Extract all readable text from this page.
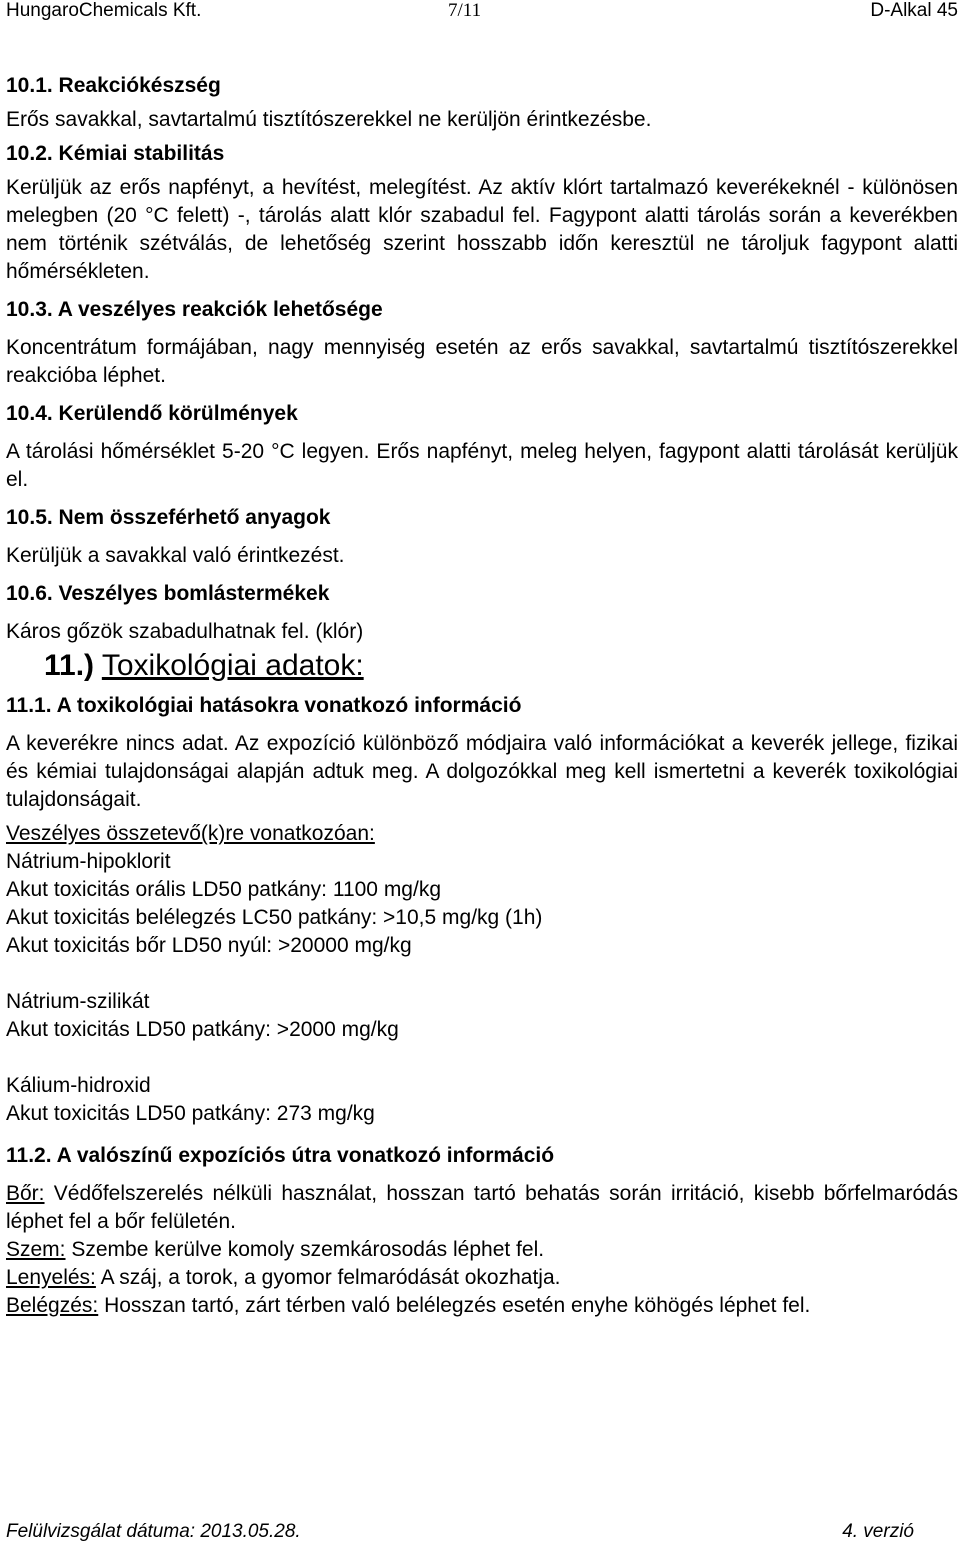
HungaroChemicals Kft.	7/11	D-Alkal 45
10.1. Reakciókészség
Erős savakkal, savtartalmú tisztítószerekkel ne kerüljön érintkezésbe.
10.2. Kémiai stabilitás
Kerüljük az erős napfényt, a hevítést, melegítést. Az aktív klórt tartalmazó keverékeknél - különösen melegben (20 °C felett) -, tárolás alatt klór szabadul fel. Fagypont alatti tárolás során a keverékben nem történik szétválás, de lehetőség szerint hosszabb időn keresztül ne tároljuk fagypont alatti hőmérsékleten.
10.3. A veszélyes reakciók lehetősége
Koncentrátum formájában, nagy mennyiség esetén az erős savakkal, savtartalmú tisztítószerekkel reakcióba léphet.
10.4. Kerülendő körülmények
A tárolási hőmérséklet 5-20 °C legyen. Erős napfényt, meleg helyen, fagypont alatti tárolását kerüljük el.
10.5. Nem összeférhető anyagok
Kerüljük a savakkal való érintkezést.
10.6. Veszélyes bomlástermékek
Káros gőzök szabadulhatnak fel. (klór)
11.) Toxikológiai adatok:
11.1. A toxikológiai hatásokra vonatkozó információ
A keverékre nincs adat. Az expozíció különböző módjaira való információkat a keverék jellege, fizikai és kémiai tulajdonságai alapján adtuk meg. A dolgozókkal meg kell ismertetni a keverék toxikológiai tulajdonságait.
Veszélyes összetevő(k)re vonatkozóan:
Nátrium-hipoklorit
Akut toxicitás orális LD50 patkány: 1100 mg/kg
Akut toxicitás belélegzés LC50 patkány: >10,5 mg/kg (1h)
Akut toxicitás bőr LD50 nyúl: >20000 mg/kg
Nátrium-szilikát
Akut toxicitás LD50 patkány: >2000 mg/kg
Kálium-hidroxid
Akut toxicitás LD50 patkány: 273 mg/kg
11.2. A valószínű expozíciós útra vonatkozó információ
Bőr: Védőfelszerelés nélküli használat, hosszan tartó behatás során irritáció, kisebb bőrfelmaródás léphet fel a bőr felületén.
Szem: Szembe kerülve komoly szemkárosodás léphet fel.
Lenyelés: A száj, a torok, a gyomor felmaródását okozhatja.
Belégzés: Hosszan tartó, zárt térben való belélegzés esetén enyhe köhögés léphet fel.
Felülvizsgálat dátuma: 2013.05.28.	4. verzió
